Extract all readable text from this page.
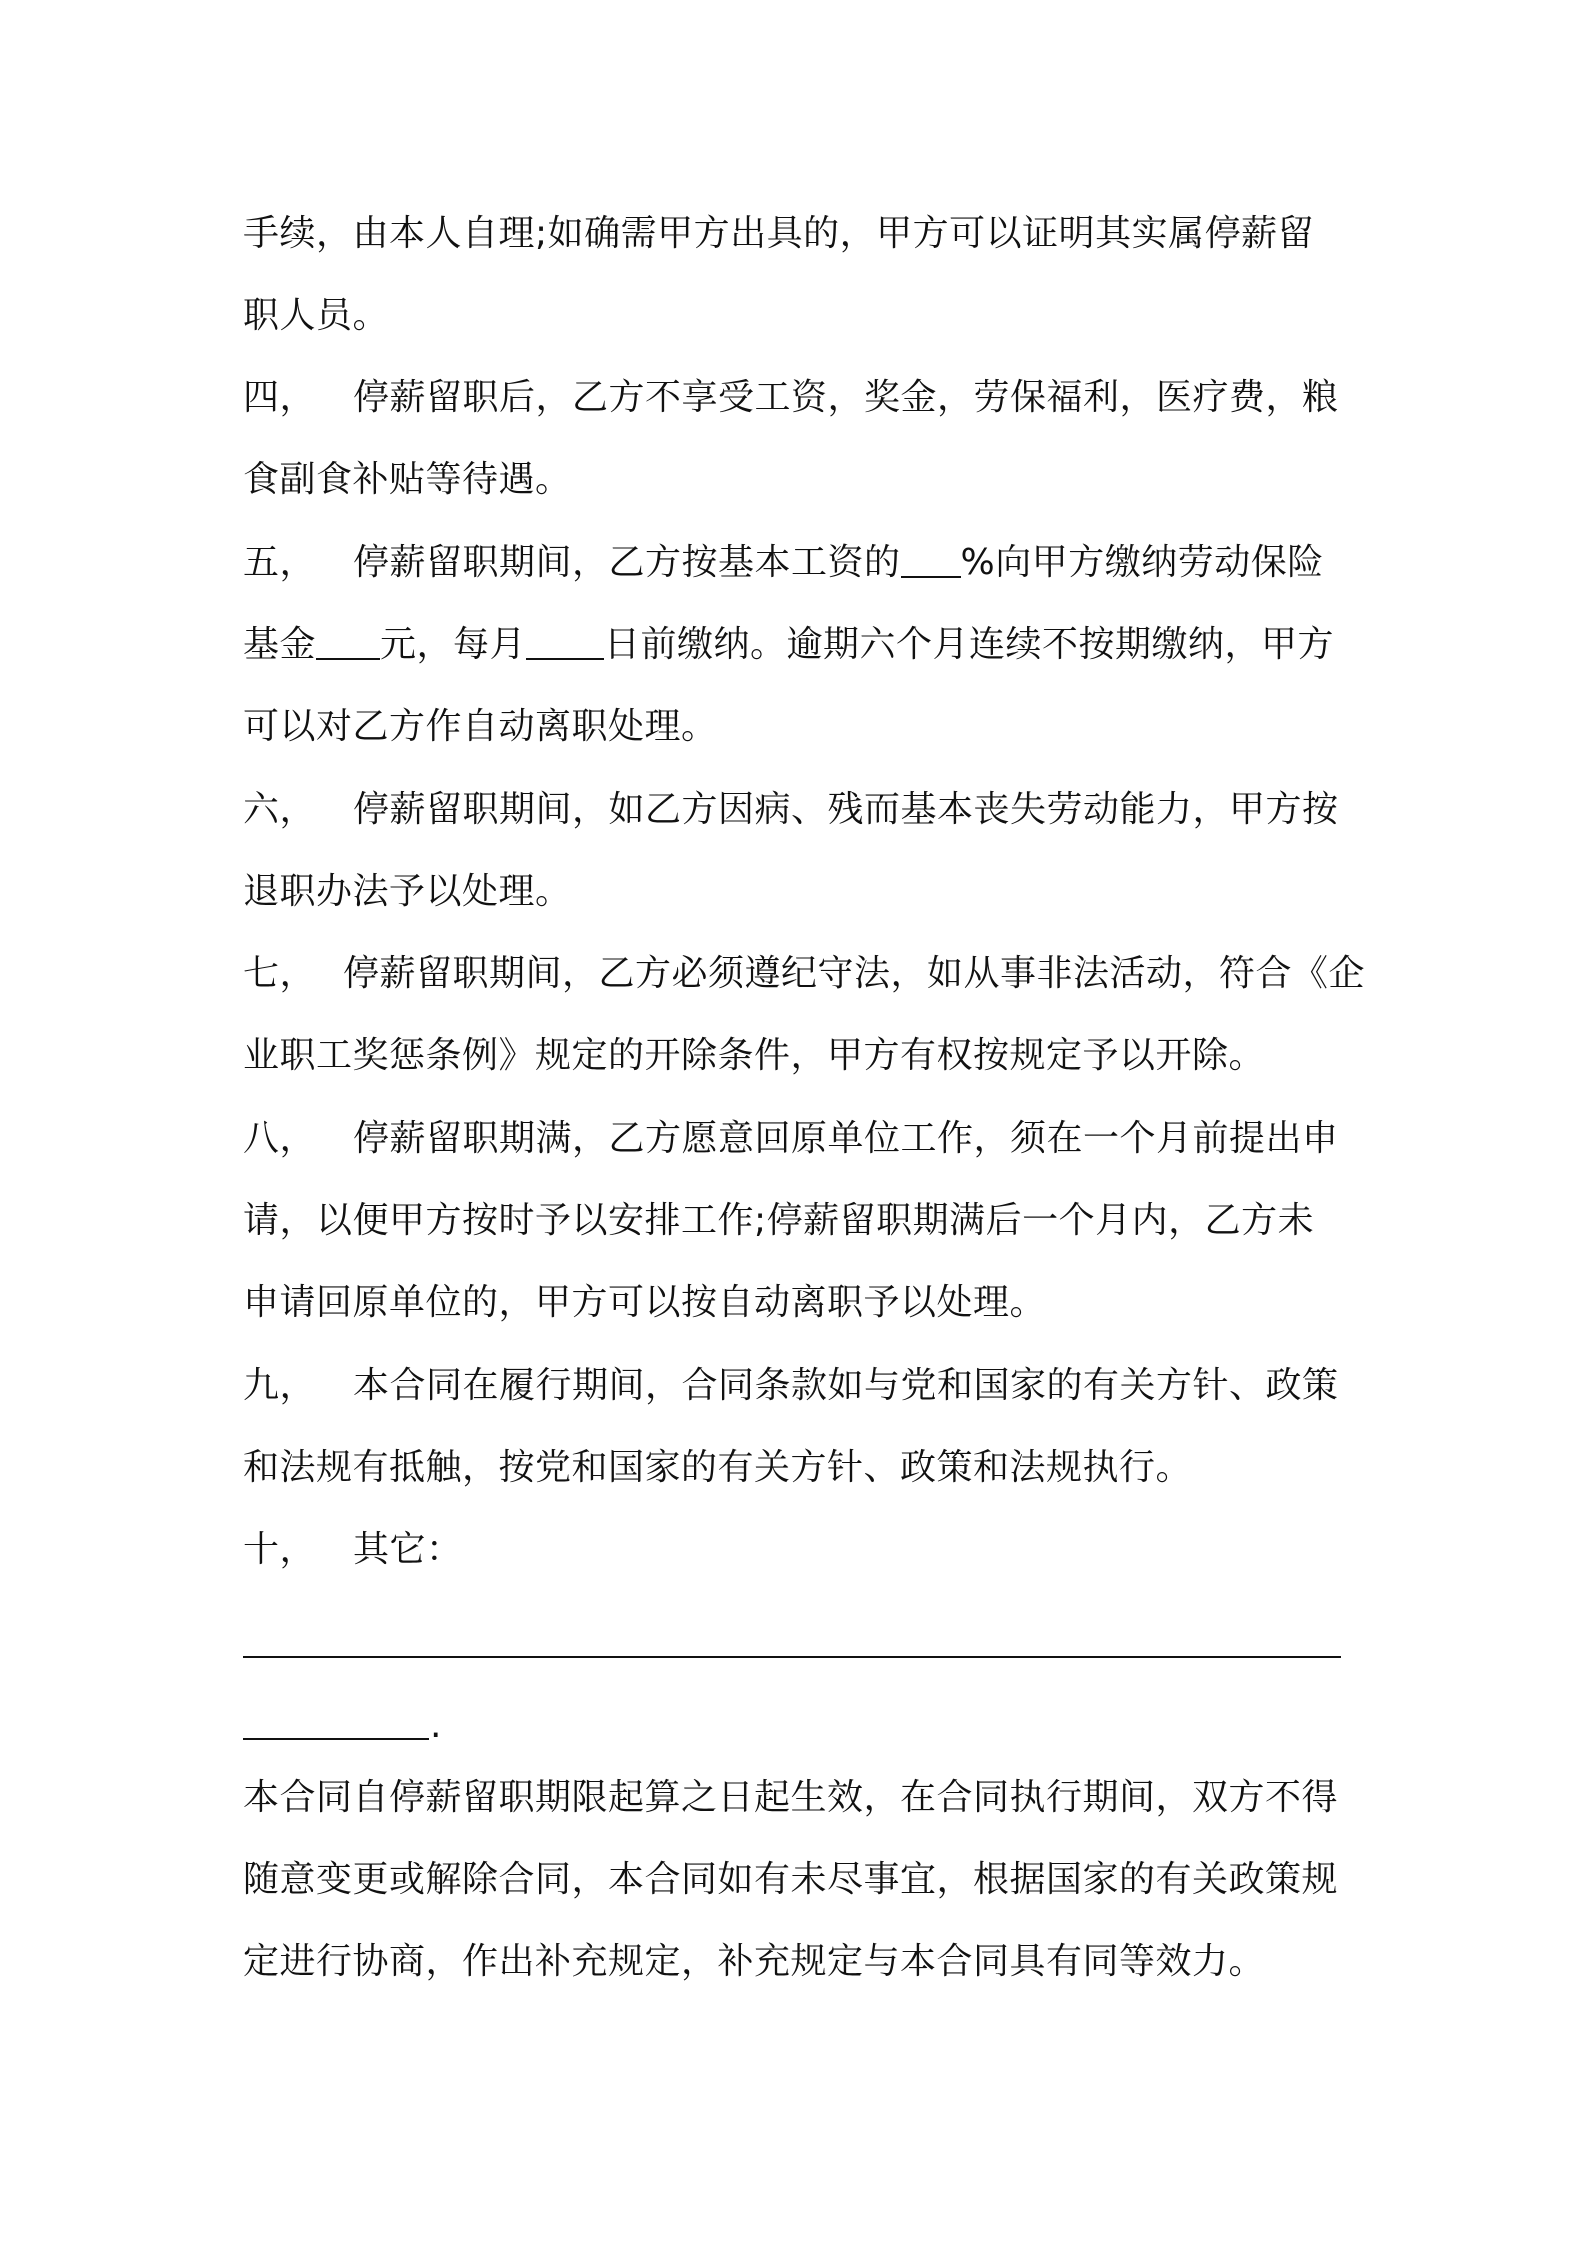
手续，由本人自理;如确需甲方出具的，甲方可以证明其实属停薪留
职人员。
四， 停薪留职后，乙方不享受工资，奖金，劳保福利，医疗费，粮
食副食补贴等待遇。
五， 停薪留职期间，乙方按基本工资的 %向甲方缴纳劳动保险
基金 元，每月 日前缴纳。逾期六个月连续不按期缴纳，甲方
可以对乙方作自动离职处理。
六， 停薪留职期间，如乙方因病、残而基本丧失劳动能力，甲方按
退职办法予以处理。
七， 停薪留职期间，乙方必须遵纪守法，如从事非法活动，符合《企
业职工奖惩条例》规定的开除条件，甲方有权按规定予以开除。
八， 停薪留职期满，乙方愿意回原单位工作，须在一个月前提出申
请，以便甲方按时予以安排工作;停薪留职期满后一个月内，乙方未
申请回原单位的，甲方可以按自动离职予以处理。
九， 本合同在履行期间，合同条款如与党和国家的有关方针、政策
和法规有抵触，按党和国家的有关方针、政策和法规执行。
十， 其它：
.
本合同自停薪留职期限起算之日起生效，在合同执行期间，双方不得
随意变更或解除合同，本合同如有未尽事宜，根据国家的有关政策规
定进行协商，作出补充规定，补充规定与本合同具有同等效力。
